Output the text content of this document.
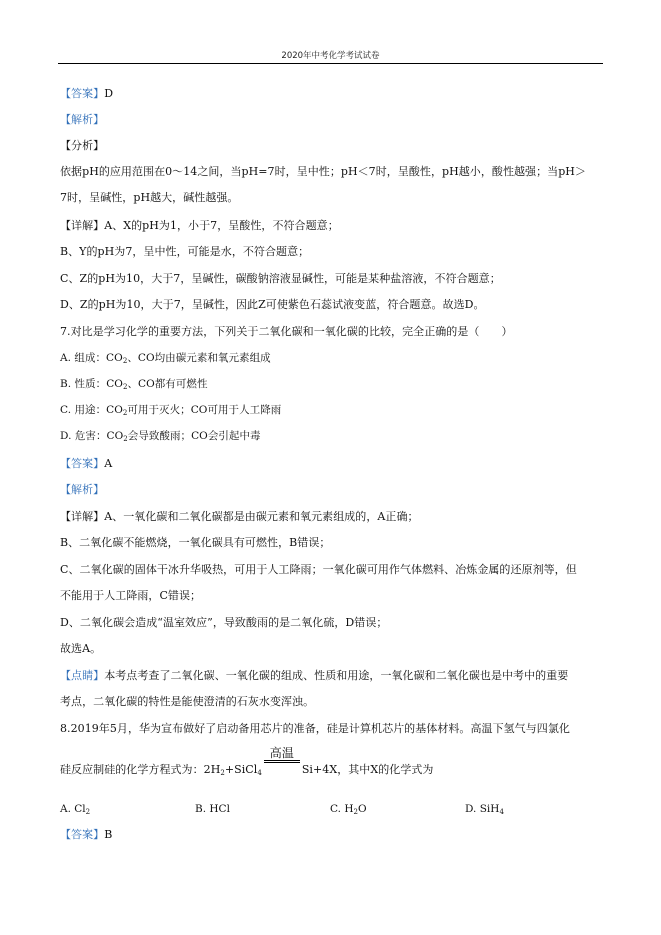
2020年中考化学考试试卷
【答案】D
【解析】
【分析】
依据pH的应用范围在0～14之间，当pH=7时，呈中性；pH＜7时，呈酸性，pH越小，酸性越强；当pH＞
7时，呈碱性，pH越大，碱性越强。
【详解】A、X的pH为1，小于7，呈酸性，不符合题意；
B、Y的pH为7，呈中性，可能是水，不符合题意；
C、Z的pH为10，大于7，呈碱性，碳酸钠溶液显碱性，可能是某种盐溶液，不符合题意；
D、Z的pH为10，大于7，呈碱性，因此Z可使紫色石蕊试液变蓝，符合题意。故选D。
7.对比是学习化学的重要方法，下列关于二氧化碳和一氧化碳的比较，完全正确的是（　　）
A. 组成：$CO_2$、CO均由碳元素和氧元素组成
B. 性质：$CO_2$、CO都有可燃性
C. 用途：$CO_2$可用于灭火；CO可用于人工降雨
D. 危害：$CO_2$会导致酸雨；CO会引起中毒
【答案】A
【解析】
【详解】A、一氧化碳和二氧化碳都是由碳元素和氧元素组成的，A正确；
B、二氧化碳不能燃烧，一氧化碳具有可燃性，B错误；
C、二氧化碳的固体干冰升华吸热，可用于人工降雨；一氧化碳可用作气体燃料、冶炼金属的还原剂等，但
不能用于人工降雨，C错误；
D、二氧化碳会造成“温室效应”，导致酸雨的是二氧化硫，D错误；
故选A。
【点睛】本考点考查了二氧化碳、一氧化碳的组成、性质和用途，一氧化碳和二氧化碳也是中考中的重要
考点，二氧化碳的特性是能使澄清的石灰水变浑浊。
8.2019年5月，华为宣布做好了启动备用芯片的准备，硅是计算机芯片的基体材料。高温下氢气与四氯化
硅反应制硅的化学方程式为：$2H_2+SiCl_4$
高温
Si+4X，其中X的化学式为
A. $Cl_2$	B. HCl	C. $H_2O$	D. SiH$_4$
【答案】B
